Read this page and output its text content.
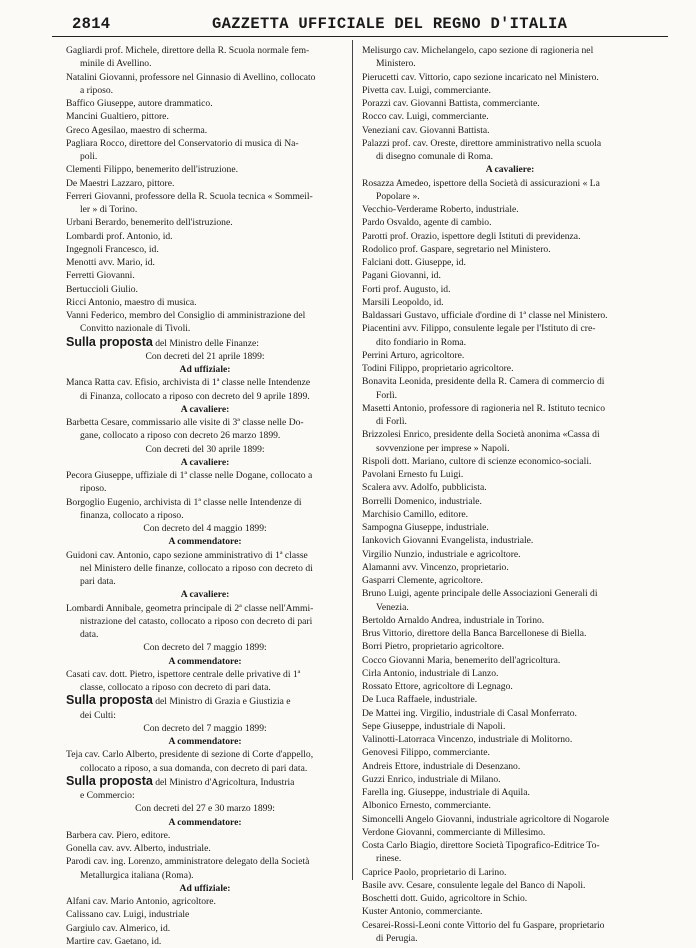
2814	GAZZETTA UFFICIALE DEL REGNO D'ITALIA
Gagliardi prof. Michele, direttore della R. Scuola normale fem-
minile di Avellino.
Natalini Giovanni, professore nel Ginnasio di Avellino, collocato
a riposo.
Baffico Giuseppe, autore drammatico.
Mancini Gualtiero, pittore.
Greco Agesilao, maestro di scherma.
Pagliara Rocco, direttore del Conservatorio di musica di Na-
poli.
Clementi Filippo, benemerito dell'istruzione.
De Maestri Lazzaro, pittore.
Ferreri Giovanni, professore della R. Scuola tecnica « Sommeil-
ler » di Torino.
Urbani Berardo, benemerito dell'istruzione.
Lombardi prof. Antonio, id.
Ingegnoli Francesco, id.
Menotti avv. Mario, id.
Ferretti Giovanni.
Bertuccioli Giulio.
Ricci Antonio, maestro di musica.
Vanni Federico, membro del Consiglio di amministrazione del
Convitto nazionale di Tivoli.
Sulla proposta del Ministro delle Finanze:
Con decreti del 21 aprile 1899:
Ad uffiziale:
Manca Ratta cav. Efisio, archivista di 1ª classe nelle Intendenze
di Finanza, collocato a riposo con decreto del 9 aprile 1899.
A cavaliere:
Barbetta Cesare, commissario alle visite di 3ª classe nelle Do-
gane, collocato a riposo con decreto 26 marzo 1899.
Con decreti del 30 aprile 1899:
A cavaliere:
Pecora Giuseppe, uffiziale di 1ª classe nelle Dogane, collocato a
riposo.
Borgoglio Eugenio, archivista di 1ª classe nelle Intendenze di
finanza, collocato a riposo.
Con decreto del 4 maggio 1899:
A commendatore:
Guidoni cav. Antonio, capo sezione amministrativo di 1ª classe
nel Ministero delle finanze, collocato a riposo con decreto di
pari data.
A cavaliere:
Lombardi Annibale, geometra principale di 2ª classe nell'Ammi-
nistrazione del catasto, collocato a riposo con decreto di pari
data.
Con decreto del 7 maggio 1899:
A commendatore:
Casati cav. dott. Pietro, ispettore centrale delle privative di 1ª
classe, collocato a riposo con decreto di pari data.
Sulla proposta del Ministro di Grazia e Giustizia e
dei Culti:
Con decreto del 7 maggio 1899:
A commendatore:
Teja cav. Carlo Alberto, presidente di sezione di Corte d'appello,
collocato a riposo, a sua domanda, con decreto di pari data.
Sulla proposta del Ministro d'Agricoltura, Industria
e Commercio:
Con decreti del 27 e 30 marzo 1899:
A commendatore:
Barbera cav. Piero, editore.
Gonella cav. avv. Alberto, industriale.
Parodi cav. ing. Lorenzo, amministratore delegato della Società
Metallurgica italiana (Roma).
Ad uffiziale:
Alfani cav. Mario Antonio, agricoltore.
Calissano cav. Luigi, industriale
Gargiulo cav. Almerico, id.
Martire cav. Gaetano, id.
Melisurgo cav. Michelangelo, capo sezione di ragioneria nel
Ministero.
Pierucetti cav. Vittorio, capo sezione incaricato nel Ministero.
Pivetta cav. Luigi, commerciante.
Porazzi cav. Giovanni Battista, commerciante.
Rocco cav. Luigi, commerciante.
Veneziani cav. Giovanni Battista.
Palazzi prof. cav. Oreste, direttore amministrativo nella scuola
di disegno comunale di Roma.
A cavaliere:
Rosazza Amedeo, ispettore della Società di assicurazioni « La
Popolare ».
Vecchio-Verderame Roberto, industriale.
Pardo Osvaldo, agente di cambio.
Parotti prof. Orazio, ispettore degli Istituti di previdenza.
Rodolico prof. Gaspare, segretario nel Ministero.
Falciani dott. Giuseppe, id.
Pagani Giovanni, id.
Forti prof. Augusto, id.
Marsili Leopoldo, id.
Baldassari Gustavo, ufficiale d'ordine di 1ª classe nel Ministero.
Piacentini avv. Filippo, consulente legale per l'Istituto di cre-
dito fondiario in Roma.
Perrini Arturo, agricoltore.
Todini Filippo, proprietario agricoltore.
Bonavita Leonida, presidente della R. Camera di commercio di
Forlì.
Masetti Antonio, professore di ragioneria nel R. Istituto tecnico
di Forlì.
Brizzolesi Enrico, presidente della Società anonima «Cassa di
sovvenzione per imprese » Napoli.
Rispoli dott. Mariano, cultore di scienze economico-sociali.
Pavolani Ernesto fu Luigi.
Scalera avv. Adolfo, pubblicista.
Borrelli Domenico, industriale.
Marchisio Camillo, editore.
Sampogna Giuseppe, industriale.
Iankovich Giovanni Evangelista, industriale.
Virgilio Nunzio, industriale e agricoltore.
Alamanni avv. Vincenzo, proprietario.
Gasparri Clemente, agricoltore.
Bruno Luigi, agente principale delle Associazioni Generali di
Venezia.
Bertoldo Arnaldo Andrea, industriale in Torino.
Brus Vittorio, direttore della Banca Barcellonese di Biella.
Borri Pietro, proprietario agricoltore.
Cocco Giovanni Maria, benemerito dell'agricoltura.
Cirla Antonio, industriale di Lanzo.
Rossato Ettore, agricoltore di Legnago.
De Luca Raffaele, industriale.
De Mattei ing. Virgilio, industriale di Casal Monferrato.
Sepe Giuseppe, industriale di Napoli.
Valinotti-Latorraca Vincenzo, industriale di Molitorno.
Genovesi Filippo, commerciante.
Andreis Ettore, industriale di Desenzano.
Guzzi Enrico, industriale di Milano.
Farella ing. Giuseppe, industriale di Aquila.
Albonico Ernesto, commerciante.
Simoncelli Angelo Giovanni, industriale agricoltore di Nogarole
Verdone Giovanni, commerciante di Millesimo.
Costa Carlo Biagio, direttore Società Tipografico-Editrice To-
rinese.
Caprice Paolo, proprietario di Larino.
Basile avv. Cesare, consulente legale del Banco di Napoli.
Boschetti dott. Guido, agricoltore in Schio.
Kuster Antonio, commerciante.
Cesarei-Rossi-Leoni conte Vittorio del fu Gaspare, proprietario
di Perugia.
